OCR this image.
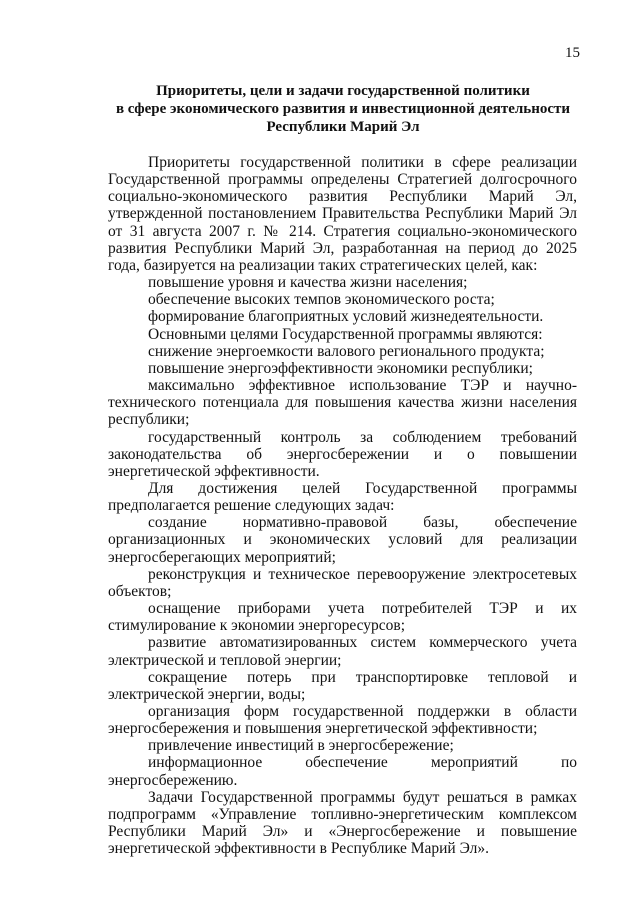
15
Приоритеты, цели и задачи государственной политики
в сфере экономического развития и инвестиционной деятельности
Республики Марий Эл

Приоритеты государственной политики в сфере реализации Государственной программы определены Стратегией долгосрочного социально-экономического развития Республики Марий Эл, утвержденной постановлением Правительства Республики Марий Эл от 31 августа 2007 г. № 214. Стратегия социально-экономического развития Республики Марий Эл, разработанная на период до 2025 года, базируется на реализации таких стратегических целей, как:

повышение уровня и качества жизни населения;

обеспечение высоких темпов экономического роста;

формирование благоприятных условий жизнедеятельности.

Основными целями Государственной программы являются:

снижение энергоемкости валового регионального продукта;

повышение энергоэффективности экономики республики;

максимально эффективное использование ТЭР и научно-технического потенциала для повышения качества жизни населения республики;

государственный контроль за соблюдением требований законодательства об энергосбережении и о повышении энергетической эффективности.

Для достижения целей Государственной программы предполагается решение следующих задач:

создание нормативно-правовой базы, обеспечение организационных и экономических условий для реализации энергосберегающих мероприятий;

реконструкция и техническое перевооружение электросетевых объектов;

оснащение приборами учета потребителей ТЭР и их стимулирование к экономии энергоресурсов;

развитие автоматизированных систем коммерческого учета электрической и тепловой энергии;

сокращение потерь при транспортировке тепловой и электрической энергии, воды;

организация форм государственной поддержки в области энергосбережения и повышения энергетической эффективности;

привлечение инвестиций в энергосбережение;

информационное обеспечение мероприятий по энергосбережению.

Задачи Государственной программы будут решаться в рамках подпрограмм «Управление топливно-энергетическим комплексом Республики Марий Эл» и «Энергосбережение и повышение энергетической эффективности в Республике Марий Эл».
